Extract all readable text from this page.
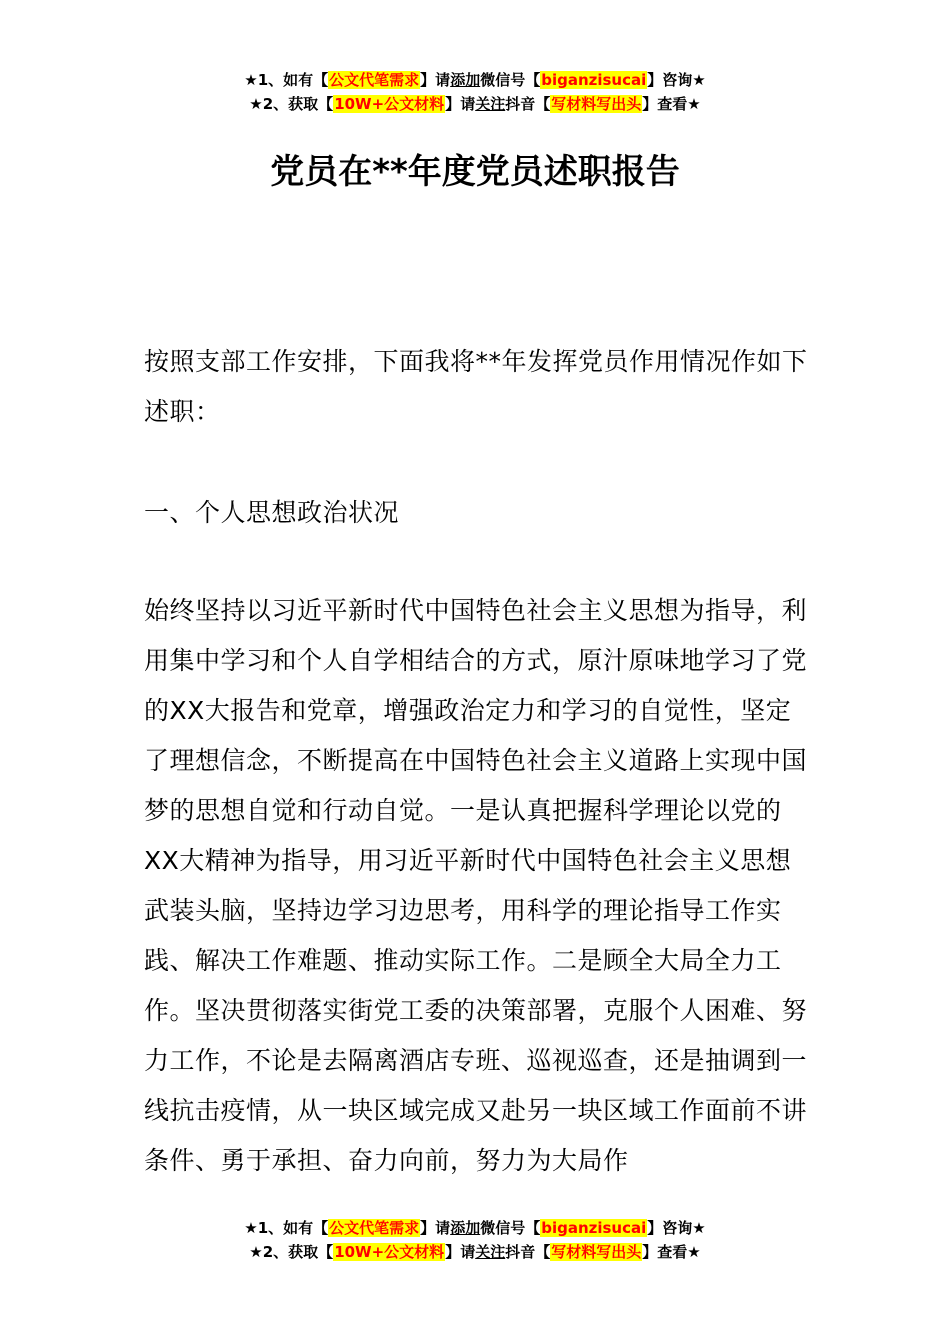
★1、如有【公文代笔需求】请添加微信号【biganzisucai】咨询★
★2、获取【10W+公文材料】请关注抖音【写材料写出头】查看★
党员在**年度党员述职报告

按照支部工作安排，下面我将**年发挥党员作用情况作如下述职：

一、个人思想政治状况

始终坚持以习近平新时代中国特色社会主义思想为指导，利用集中学习和个人自学相结合的方式，原汁原味地学习了党的XX大报告和党章，增强政治定力和学习的自觉性，坚定了理想信念，不断提高在中国特色社会主义道路上实现中国梦的思想自觉和行动自觉。一是认真把握科学理论以党的XX大精神为指导，用习近平新时代中国特色社会主义思想武装头脑，坚持边学习边思考，用科学的理论指导工作实践、解决工作难题、推动实际工作。二是顾全大局全力工作。坚决贯彻落实街党工委的决策部署，克服个人困难、努力工作，不论是去隔离酒店专班、巡视巡查，还是抽调到一线抗击疫情，从一块区域完成又赴另一块区域工作面前不讲条件、勇于承担、奋力向前，努力为大局作

★1、如有【公文代笔需求】请添加微信号【biganzisucai】咨询★
★2、获取【10W+公文材料】请关注抖音【写材料写出头】查看★
